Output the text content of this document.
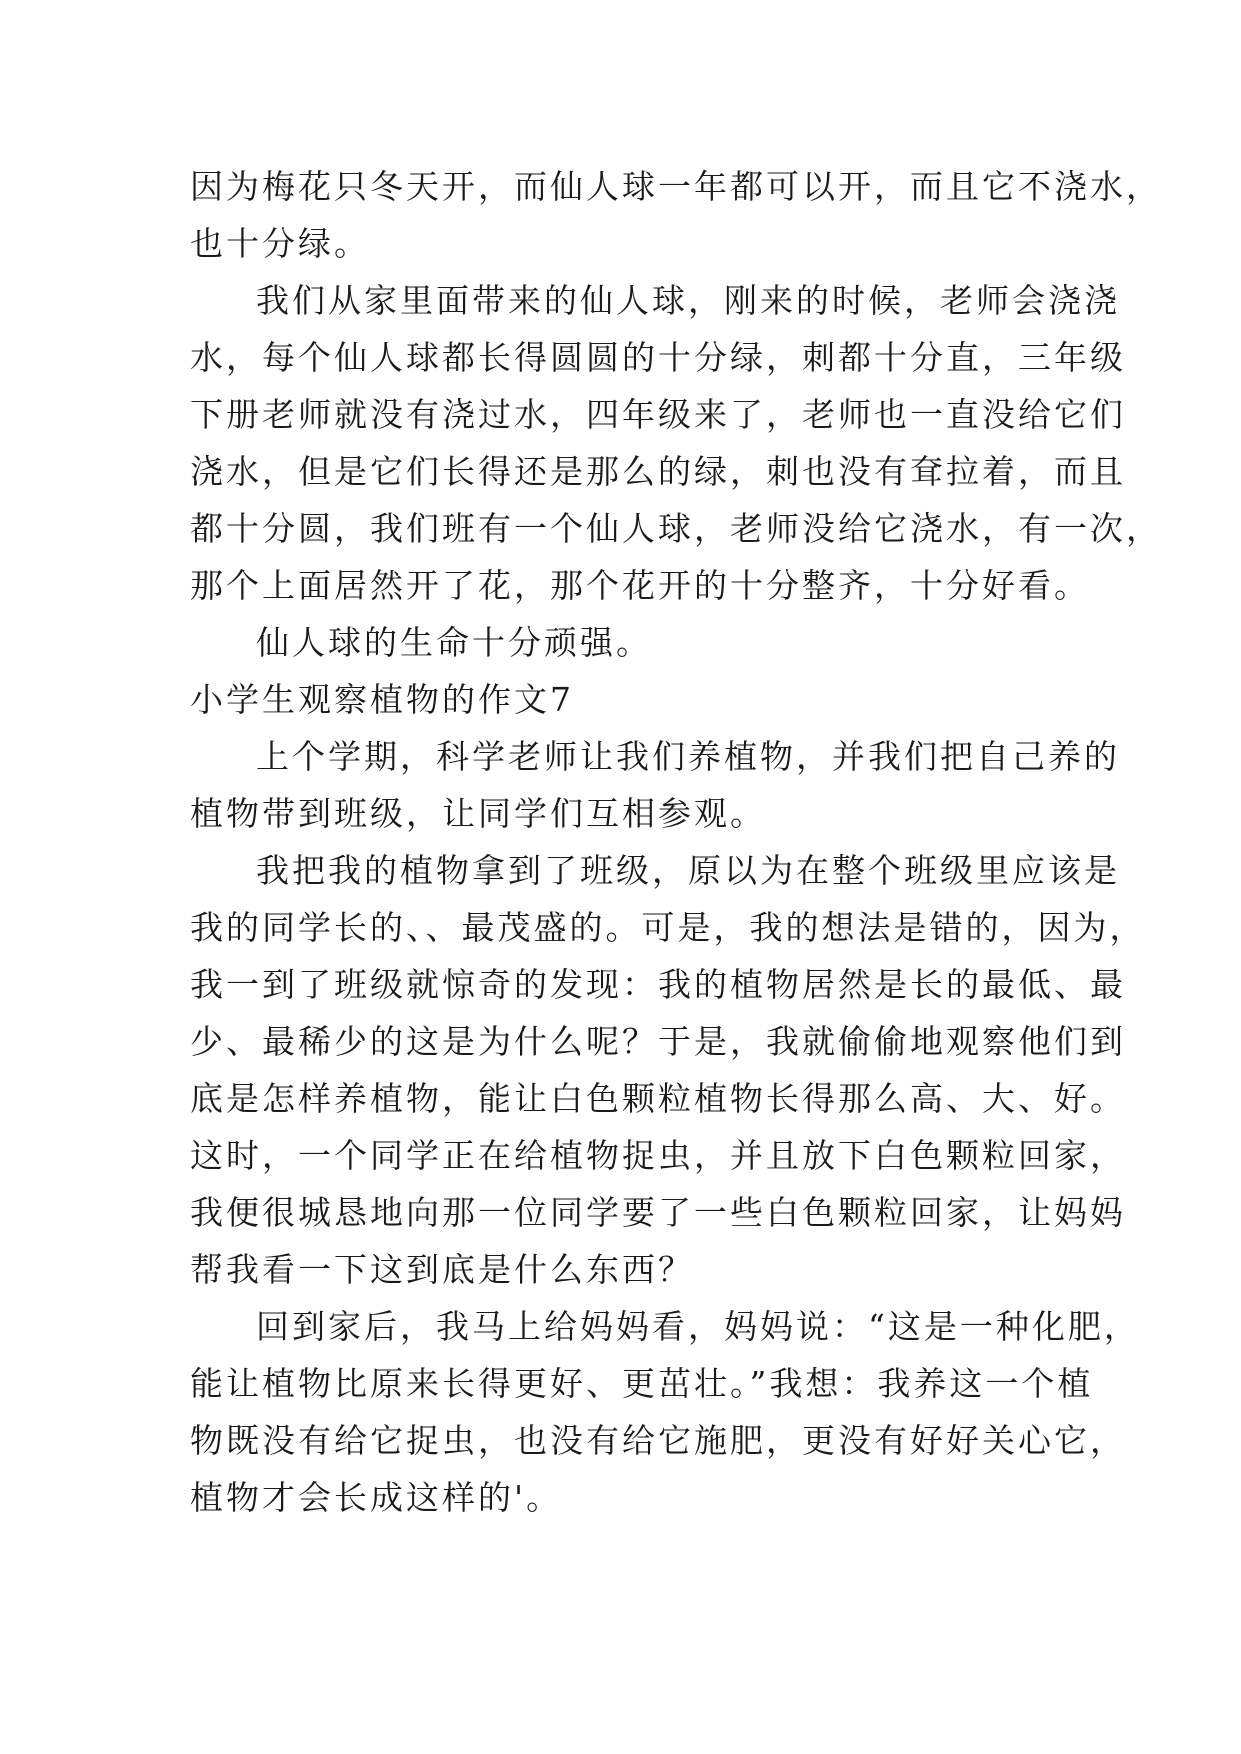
因为梅花只冬天开，而仙人球一年都可以开，而且它不浇水，
也十分绿。
我们从家里面带来的仙人球，刚来的时候，老师会浇浇
水，每个仙人球都长得圆圆的十分绿，刺都十分直，三年级
下册老师就没有浇过水，四年级来了，老师也一直没给它们
浇水，但是它们长得还是那么的绿，刺也没有耷拉着，而且
都十分圆，我们班有一个仙人球，老师没给它浇水，有一次，
那个上面居然开了花，那个花开的十分整齐，十分好看。
仙人球的生命十分顽强。
小学生观察植物的作文7
上个学期，科学老师让我们养植物，并我们把自己养的
植物带到班级，让同学们互相参观。
我把我的植物拿到了班级，原以为在整个班级里应该是
我的同学长的、、最茂盛的。可是，我的想法是错的，因为，
我一到了班级就惊奇的发现：我的植物居然是长的最低、最
少、最稀少的这是为什么呢？于是，我就偷偷地观察他们到
底是怎样养植物，能让白色颗粒植物长得那么高、大、好。
这时，一个同学正在给植物捉虫，并且放下白色颗粒回家，
我便很城恳地向那一位同学要了一些白色颗粒回家，让妈妈
帮我看一下这到底是什么东西？
回到家后，我马上给妈妈看，妈妈说：“这是一种化肥，
能让植物比原来长得更好、更茁壮。”我想：我养这一个植
物既没有给它捉虫，也没有给它施肥，更没有好好关心它，
植物才会长成这样的'。
